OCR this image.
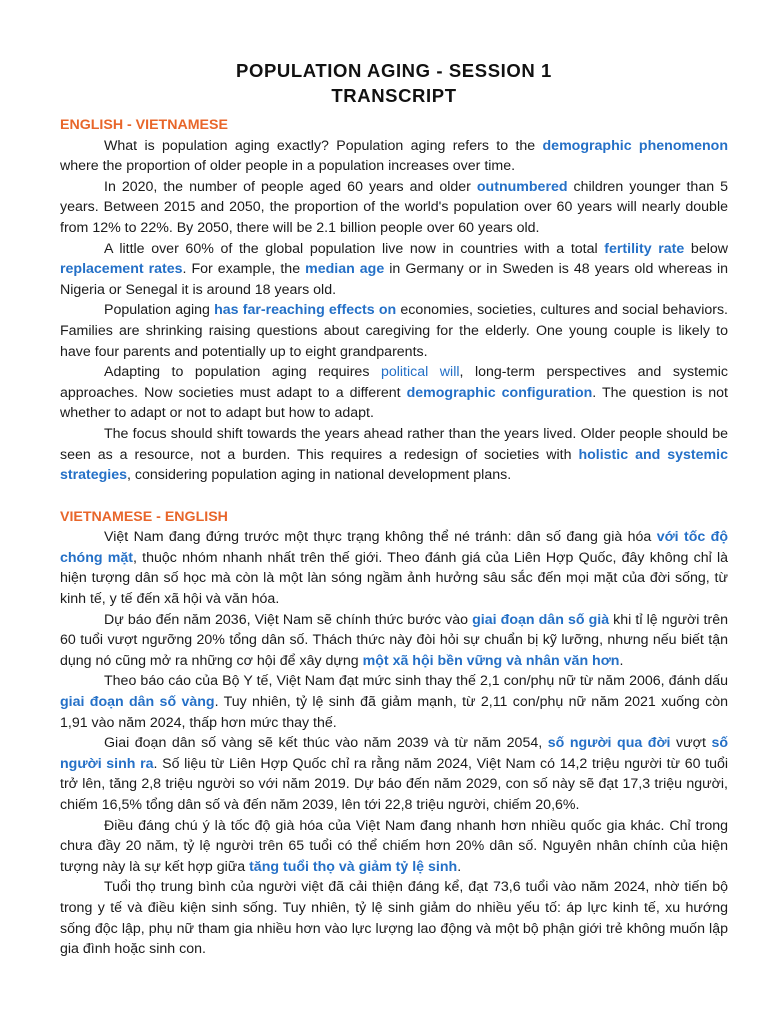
POPULATION AGING - SESSION 1
TRANSCRIPT
ENGLISH - VIETNAMESE

What is population aging exactly? Population aging refers to the demographic phenomenon where the proportion of older people in a population increases over time.

In 2020, the number of people aged 60 years and older outnumbered children younger than 5 years. Between 2015 and 2050, the proportion of the world's population over 60 years will nearly double from 12% to 22%. By 2050, there will be 2.1 billion people over 60 years old.

A little over 60% of the global population live now in countries with a total fertility rate below replacement rates. For example, the median age in Germany or in Sweden is 48 years old whereas in Nigeria or Senegal it is around 18 years old.

Population aging has far-reaching effects on economies, societies, cultures and social behaviors. Families are shrinking raising questions about caregiving for the elderly. One young couple is likely to have four parents and potentially up to eight grandparents.

Adapting to population aging requires political will, long-term perspectives and systemic approaches. Now societies must adapt to a different demographic configuration. The question is not whether to adapt or not to adapt but how to adapt.

The focus should shift towards the years ahead rather than the years lived. Older people should be seen as a resource, not a burden. This requires a redesign of societies with holistic and systemic strategies, considering population aging in national development plans.

VIETNAMESE - ENGLISH

Việt Nam đang đứng trước một thực trạng không thể né tránh: dân số đang già hóa với tốc độ chóng mặt, thuộc nhóm nhanh nhất trên thế giới. Theo đánh giá của Liên Hợp Quốc, đây không chỉ là hiện tượng dân số học mà còn là một làn sóng ngầm ảnh hưởng sâu sắc đến mọi mặt của đời sống, từ kinh tế, y tế đến xã hội và văn hóa.

Dự báo đến năm 2036, Việt Nam sẽ chính thức bước vào giai đoạn dân số già khi tỉ lệ người trên 60 tuổi vượt ngưỡng 20% tổng dân số. Thách thức này đòi hỏi sự chuẩn bị kỹ lưỡng, nhưng nếu biết tận dụng nó cũng mở ra những cơ hội để xây dựng một xã hội bền vững và nhân văn hơn.

Theo báo cáo của Bộ Y tế, Việt Nam đạt mức sinh thay thế 2,1 con/phụ nữ từ năm 2006, đánh dấu giai đoạn dân số vàng. Tuy nhiên, tỷ lệ sinh đã giảm mạnh, từ 2,11 con/phụ nữ năm 2021 xuống còn 1,91 vào năm 2024, thấp hơn mức thay thế.

Giai đoạn dân số vàng sẽ kết thúc vào năm 2039 và từ năm 2054, số người qua đời vượt số người sinh ra. Số liệu từ Liên Hợp Quốc chỉ ra rằng năm 2024, Việt Nam có 14,2 triệu người từ 60 tuổi trở lên, tăng 2,8 triệu người so với năm 2019. Dự báo đến năm 2029, con số này sẽ đạt 17,3 triệu người, chiếm 16,5% tổng dân số và đến năm 2039, lên tới 22,8 triệu người, chiếm 20,6%.

Điều đáng chú ý là tốc độ già hóa của Việt Nam đang nhanh hơn nhiều quốc gia khác. Chỉ trong chưa đầy 20 năm, tỷ lệ người trên 65 tuổi có thể chiếm hơn 20% dân số. Nguyên nhân chính của hiện tượng này là sự kết hợp giữa tăng tuổi thọ và giảm tỷ lệ sinh.

Tuổi thọ trung bình của người việt đã cải thiện đáng kể, đạt 73,6 tuổi vào năm 2024, nhờ tiến bộ trong y tế và điều kiện sinh sống. Tuy nhiên, tỷ lệ sinh giảm do nhiều yếu tố: áp lực kinh tế, xu hướng sống độc lập, phụ nữ tham gia nhiều hơn vào lực lượng lao động và một bộ phận giới trẻ không muốn lập gia đình hoặc sinh con.
